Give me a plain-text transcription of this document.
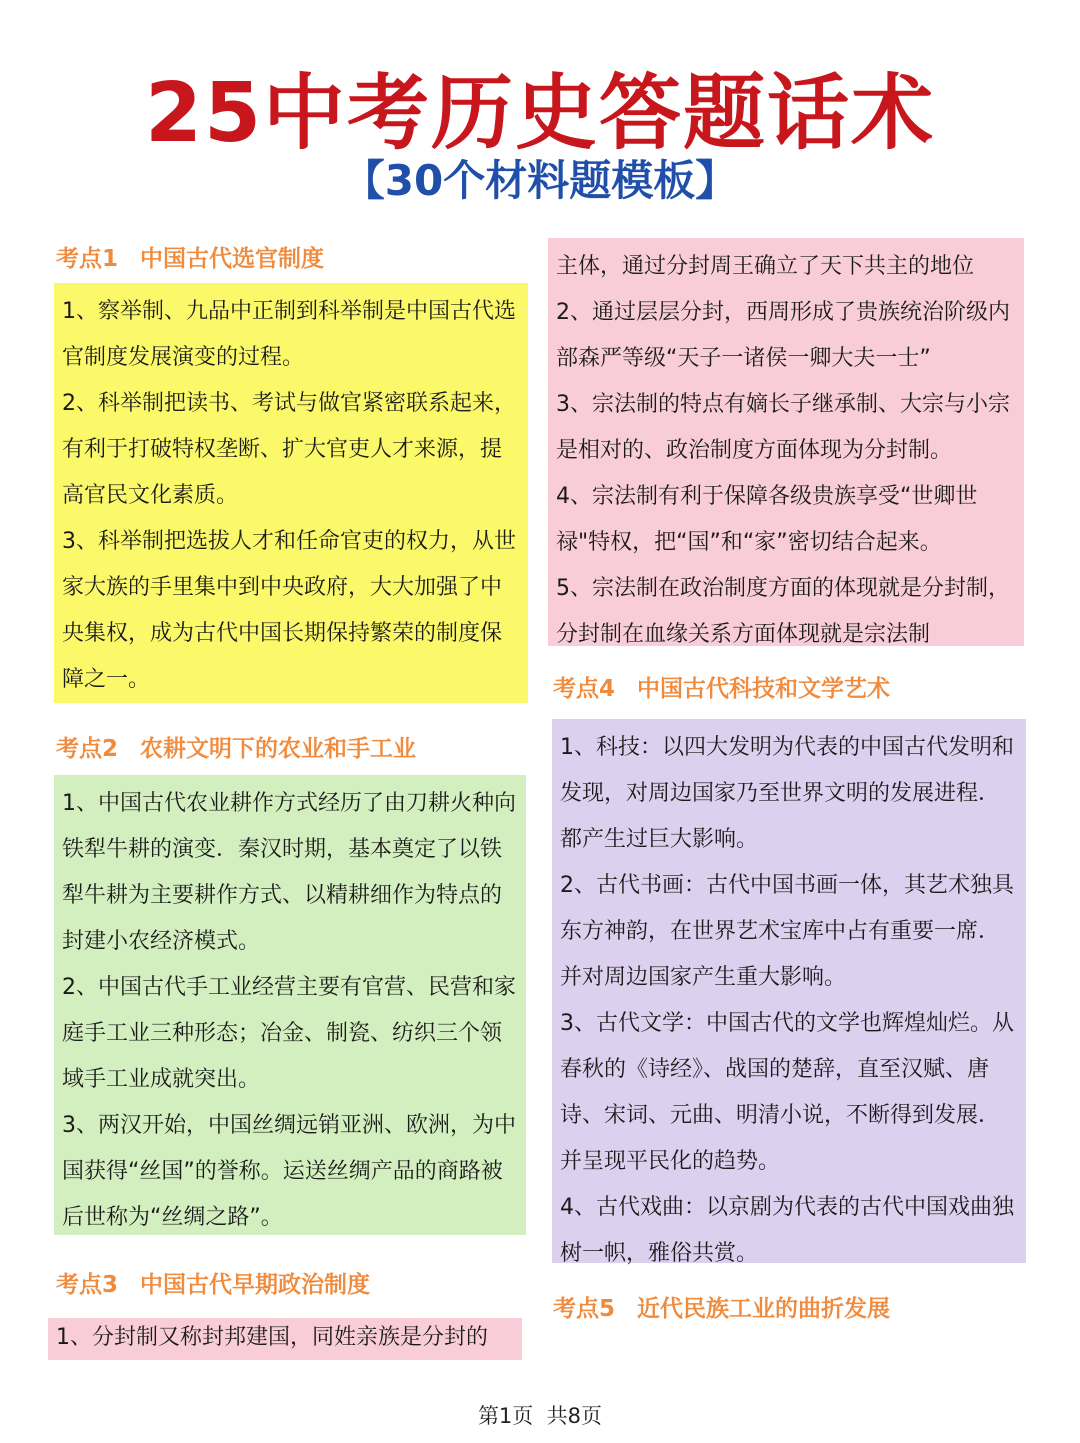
25中考历史答题话术
【30个材料题模板】
考点1 中国古代选官制度

1、察举制、九品中正制到科举制是中国古代选官制度发展演变的过程。

2、科举制把读书、考试与做官紧密联系起来，有利于打破特权垄断、扩大官吏人才来源，提高官民文化素质。

3、科举制把选拔人才和任命官吏的权力，从世家大族的手里集中到中央政府，大大加强了中央集权，成为古代中国长期保持繁荣的制度保障之一。

考点2 农耕文明下的农业和手工业

1、中国古代农业耕作方式经历了由刀耕火种向铁犁牛耕的演变．秦汉时期，基本奠定了以铁犁牛耕为主要耕作方式、以精耕细作为特点的封建小农经济模式。

2、中国古代手工业经营主要有官营、民营和家庭手工业三种形态；冶金、制瓷、纺织三个领域手工业成就突出。

3、两汉开始，中国丝绸远销亚洲、欧洲，为中国获得“丝国”的誉称。运送丝绸产品的商路被后世称为“丝绸之路”。

考点3 中国古代早期政治制度

1、分封制又称封邦建国，同姓亲族是分封的

主体，通过分封周王确立了天下共主的地位

2、通过层层分封，西周形成了贵族统治阶级内部森严等级“天子一诸侯一卿大夫一士”

3、宗法制的特点有嫡长子继承制、大宗与小宗是相对的、政治制度方面体现为分封制。

4、宗法制有利于保障各级贵族享受“世卿世禄"特权，把“国”和“家”密切结合起来。

5、宗法制在政治制度方面的体现就是分封制，分封制在血缘关系方面体现就是宗法制

考点4 中国古代科技和文学艺术

1、科技：以四大发明为代表的中国古代发明和发现，对周边国家乃至世界文明的发展进程．都产生过巨大影响。

2、古代书画：古代中国书画一体，其艺术独具东方神韵，在世界艺术宝库中占有重要一席．并对周边国家产生重大影响。

3、古代文学：中国古代的文学也辉煌灿烂。从春秋的《诗经》、战国的楚辞，直至汉赋、唐诗、宋词、元曲、明清小说，不断得到发展．并呈现平民化的趋势。

4、古代戏曲：以京剧为代表的古代中国戏曲独树一帜，雅俗共赏。

考点5 近代民族工业的曲折发展
第1页 共8页
